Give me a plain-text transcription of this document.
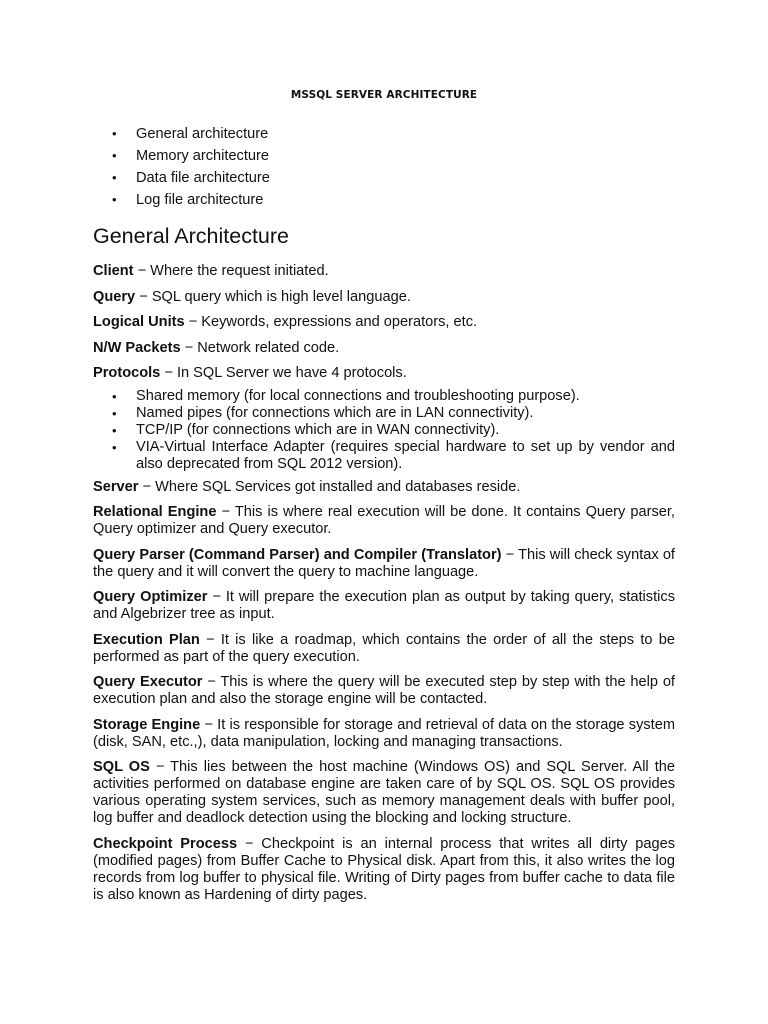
MSSQL SERVER ARCHITECTURE
• General architecture
• Memory architecture
• Data file architecture
• Log file architecture
General Architecture

Client − Where the request initiated.

Query − SQL query which is high level language.

Logical Units − Keywords, expressions and operators, etc.

N/W Packets − Network related code.

Protocols − In SQL Server we have 4 protocols.

• Shared memory (for local connections and troubleshooting purpose).
• Named pipes (for connections which are in LAN connectivity).
• TCP/IP (for connections which are in WAN connectivity).
• VIA-Virtual Interface Adapter (requires special hardware to set up by vendor and also deprecated from SQL 2012 version).

Server − Where SQL Services got installed and databases reside.

Relational Engine − This is where real execution will be done. It contains Query parser, Query optimizer and Query executor.

Query Parser (Command Parser) and Compiler (Translator) − This will check syntax of the query and it will convert the query to machine language.

Query Optimizer − It will prepare the execution plan as output by taking query, statistics and Algebrizer tree as input.

Execution Plan − It is like a roadmap, which contains the order of all the steps to be performed as part of the query execution.

Query Executor − This is where the query will be executed step by step with the help of execution plan and also the storage engine will be contacted.

Storage Engine − It is responsible for storage and retrieval of data on the storage system (disk, SAN, etc.,), data manipulation, locking and managing transactions.

SQL OS − This lies between the host machine (Windows OS) and SQL Server. All the activities performed on database engine are taken care of by SQL OS. SQL OS provides various operating system services, such as memory management deals with buffer pool, log buffer and deadlock detection using the blocking and locking structure.

Checkpoint Process − Checkpoint is an internal process that writes all dirty pages (modified pages) from Buffer Cache to Physical disk. Apart from this, it also writes the log records from log buffer to physical file. Writing of Dirty pages from buffer cache to data file is also known as Hardening of dirty pages.
